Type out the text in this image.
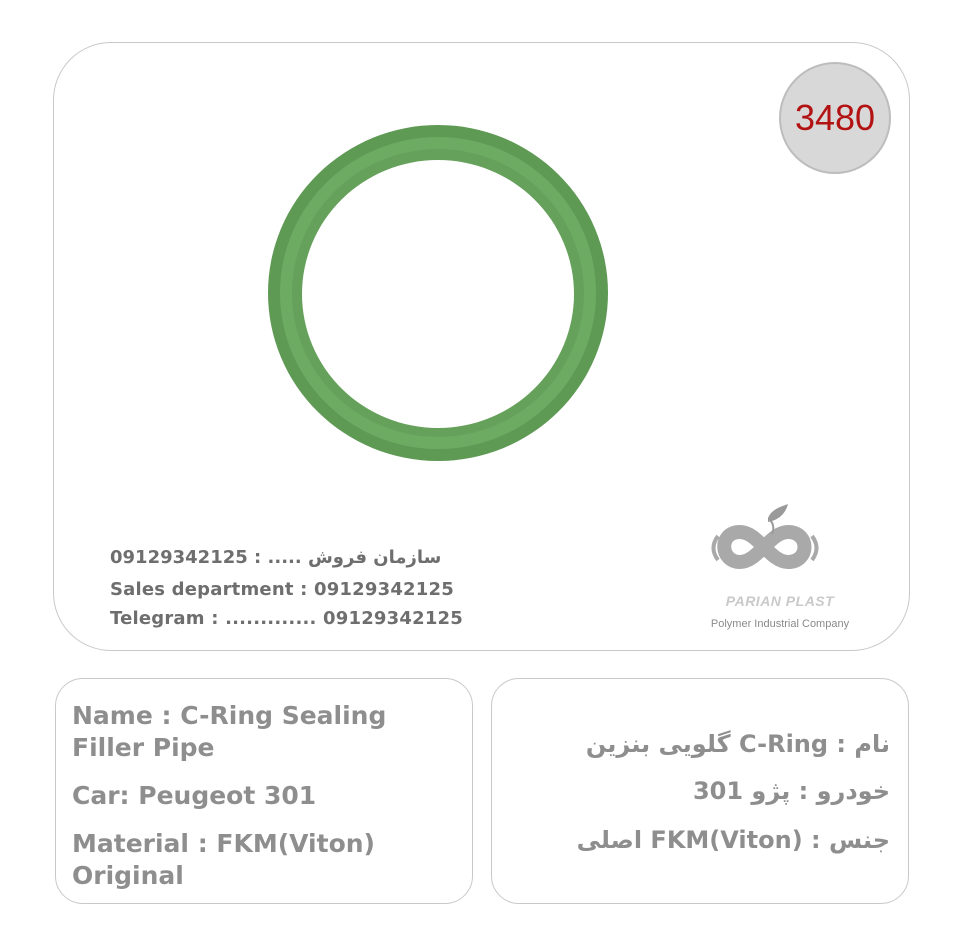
3480
سازمان فروش ..... : 09129342125
Sales department : 09129342125
Telegram : ............. 09129342125
PARIAN PLAST
Polymer Industrial Company
Name : C-Ring Sealing Filler Pipe
Car: Peugeot 301
Material : FKM(Viton) Original
نام : C-Ring گلویی بنزین
خودرو : پژو 301
جنس : FKM(Viton) اصلی
